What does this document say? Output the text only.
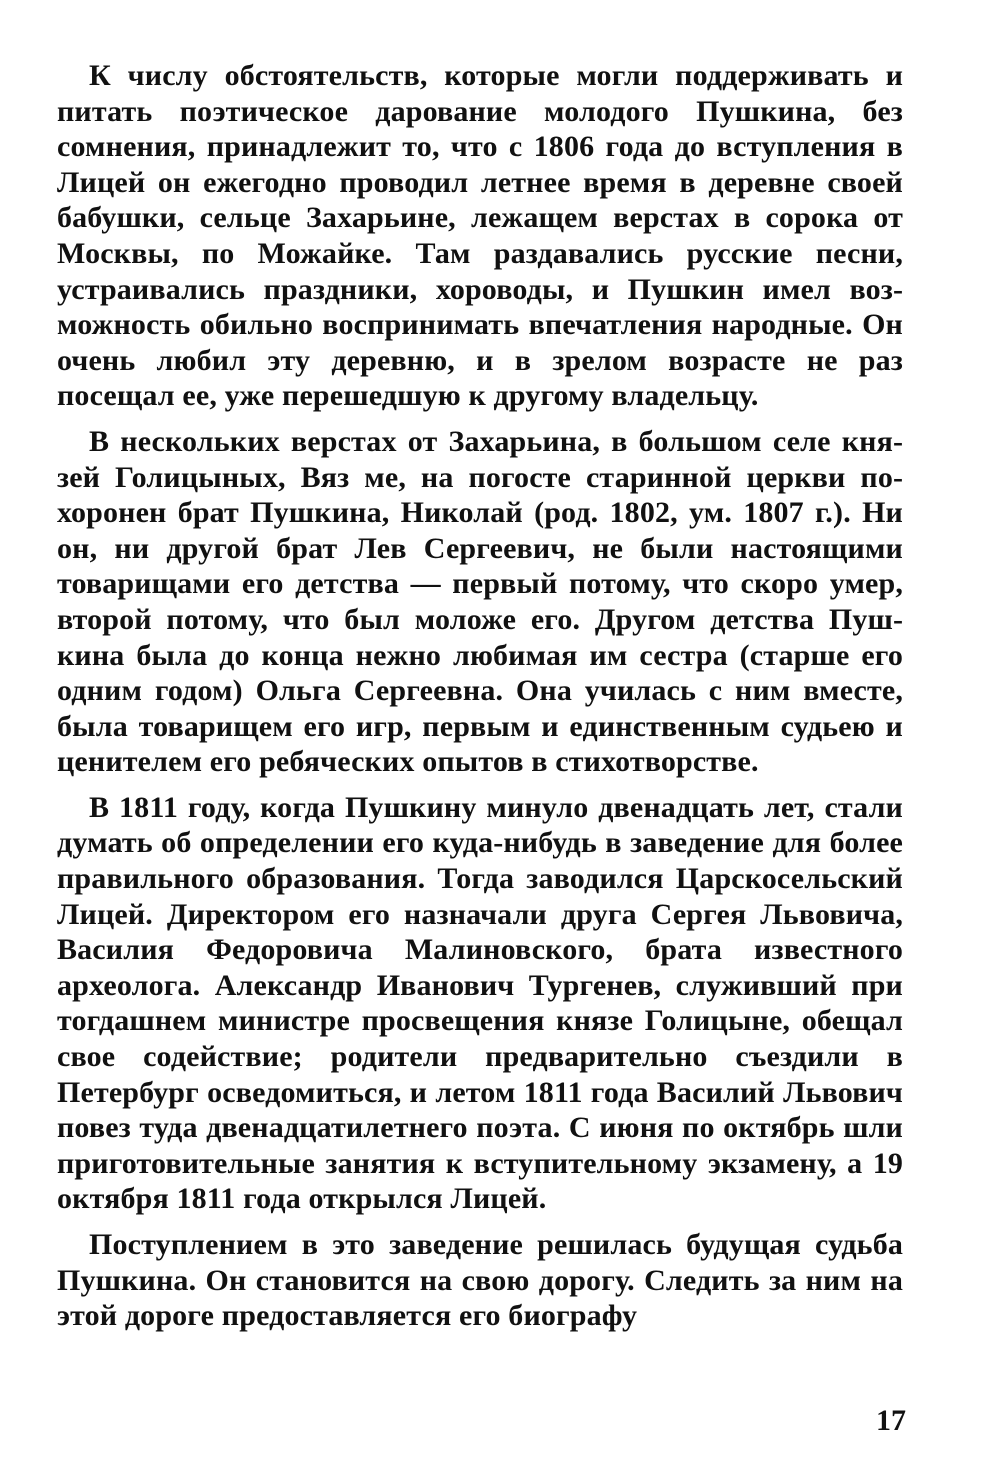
К числу обстоятельств, которые могли поддерживать и питать поэтическое дарование молодого Пушкина, без сомнения, принадлежит то, что с 1806 года до вступления в Лицей он ежегодно проводил летнее время в деревне своей бабушки, сельце Захарьине, лежащем верстах в сорока от Москвы, по Можайке. Там раздавались русские песни, устраивались праздники, хороводы, и Пушкин имел возможность обильно воспринимать впечатления народные. Он очень любил эту деревню, и в зрелом возрасте не раз посещал ее, уже перешедшую к другому владельцу.

В нескольких верстах от Захарьина, в большом селе князей Голицыных, Вяз ме, на погосте старинной церкви похоронен брат Пушкина, Николай (род. 1802, ум. 1807 г.). Ни он, ни другой брат Лев Сергеевич, не были настоящими товарищами его детства — первый потому, что скоро умер, второй потому, что был моложе его. Другом детства Пушкина была до конца нежно любимая им сестра (старше его одним годом) Ольга Сергеевна. Она училась с ним вместе, была товарищем его игр, первым и единственным судьею и ценителем его ребяческих опытов в стихотворстве.

В 1811 году, когда Пушкину минуло двенадцать лет, стали думать об определении его куда-нибудь в заведение для более правильного образования. Тогда заводился Царскосельский Лицей. Директором его назначали друга Сергея Львовича, Василия Федоровича Малиновского, брата известного археолога. Александр Иванович Тургенев, служивший при тогдашнем министре просвещения князе Голицыне, обещал свое содействие; родители предварительно съездили в Петербург осведомиться, и летом 1811 года Василий Львович повез туда двенадцатилетнего поэта. С июня по октябрь шли приготовительные занятия к вступительному экзамену, а 19 октября 1811 года открылся Лицей.

Поступлением в это заведение решилась будущая судьба Пушкина. Он становится на свою дорогу. Следить за ним на этой дороге предоставляется его биографу

17
